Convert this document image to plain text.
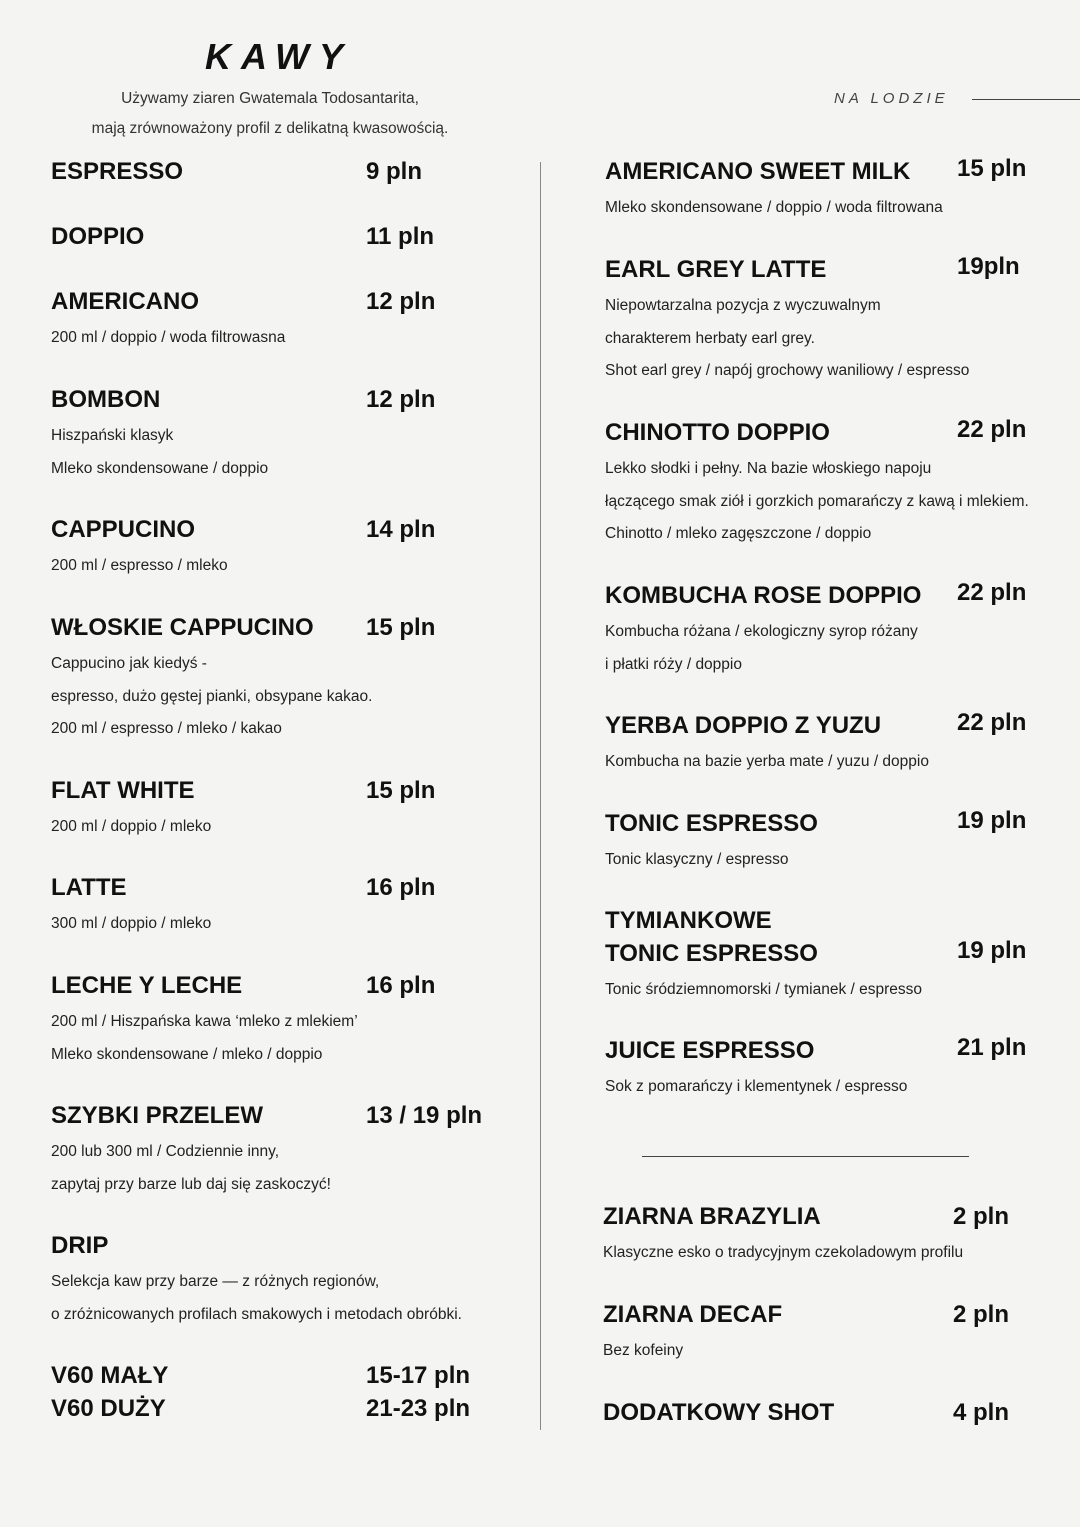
KAWY
Używamy ziaren Gwatemala Todosantarita,
mają zrównoważony profil z delikatną kwasowością.
NA LODZIE
ESPRESSO	9 pln
DOPPIO	11 pln
AMERICANO	12 pln
200 ml / doppio / woda filtrowasna
BOMBON	12 pln
Hiszpański klasyk
Mleko skondensowane / doppio
CAPPUCINO	14 pln
200 ml / espresso / mleko
WŁOSKIE CAPPUCINO	15 pln
Cappucino jak kiedyś -
espresso, dużo gęstej pianki, obsypane kakao.
200 ml / espresso / mleko / kakao
FLAT WHITE	15 pln
200 ml / doppio / mleko
LATTE	16 pln
300 ml / doppio / mleko
LECHE Y LECHE	16 pln
200 ml / Hiszpańska kawa ‘mleko z mlekiem’
Mleko skondensowane / mleko / doppio
SZYBKI PRZELEW	13 / 19 pln
200 lub 300 ml / Codziennie inny,
zapytaj przy barze lub daj się zaskoczyć!
DRIP
Selekcja kaw przy barze — z różnych regionów,
o zróżnicowanych profilach smakowych i metodach obróbki.
V60 MAŁY	15-17 pln
V60 DUŻY	21-23 pln
AMERICANO SWEET MILK	15 pln
Mleko skondensowane / doppio / woda filtrowana
EARL GREY LATTE	19pln
Niepowtarzalna pozycja z wyczuwalnym
charakterem herbaty earl grey.
Shot earl grey / napój grochowy waniliowy / espresso
CHINOTTO DOPPIO	22 pln
Lekko słodki i pełny. Na bazie włoskiego napoju
łączącego smak ziół i gorzkich pomarańczy z kawą i mlekiem.
Chinotto / mleko zagęszczone / doppio
KOMBUCHA ROSE DOPPIO	22 pln
Kombucha różana / ekologiczny syrop różany
i płatki róży / doppio
YERBA DOPPIO Z YUZU	22 pln
Kombucha na bazie yerba mate / yuzu / doppio
TONIC ESPRESSO	19 pln
Tonic klasyczny / espresso
TYMIANKOWE
TONIC ESPRESSO	19 pln
Tonic śródziemnomorski / tymianek / espresso
JUICE ESPRESSO	21 pln
Sok z pomarańczy i klementynek / espresso
ZIARNA BRAZYLIA	2 pln
Klasyczne esko o tradycyjnym czekoladowym profilu
ZIARNA DECAF	2 pln
Bez kofeiny
DODATKOWY SHOT	4 pln
